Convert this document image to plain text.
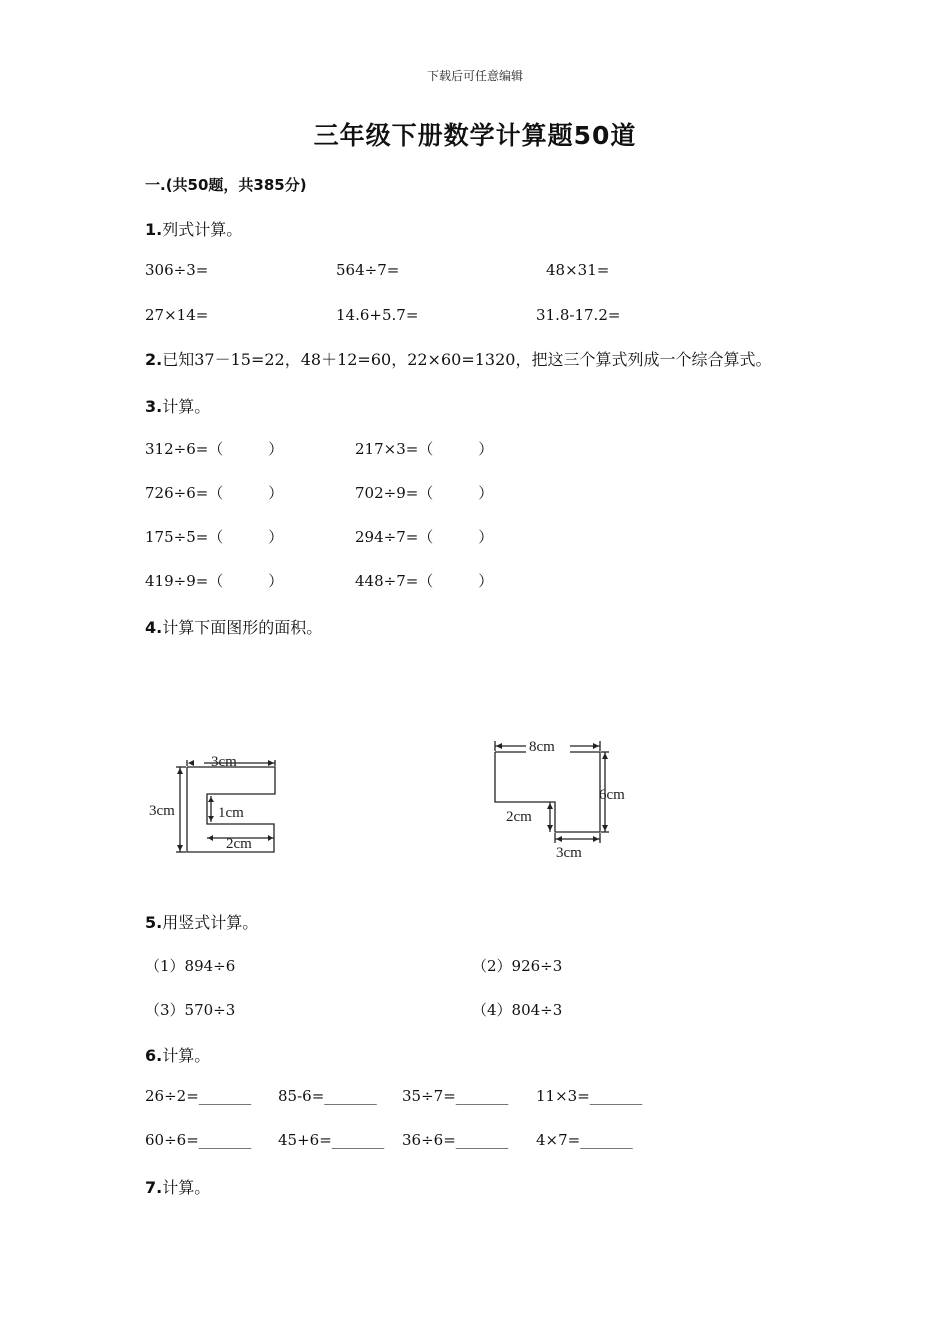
下载后可任意编辑
三年级下册数学计算题50道
一.(共50题，共385分)
1.列式计算。
306÷3=	564÷7=	48×31=
27×14=	14.6+5.7=	31.8-17.2=
2.已知37－15=22，48＋12=60，22×60=1320，把这三个算式列成一个综合算式。
3.计算。
312÷6=（　　　）	217×3=（　　　）
726÷6=（　　　）	702÷9=（　　　）
175÷5=（　　　）	294÷7=（　　　）
419÷9=（　　　）	448÷7=（　　　）
4.计算下面图形的面积。
3cm
3cm	1cm
2cm
8cm
6cm
2cm
3cm
5.用竖式计算。
（1）894÷6	（2）926÷3
（3）570÷3	（4）804÷3
6.计算。
26÷2=_______ 85-6=_______ 35÷7=_______ 11×3=_______
60÷6=_______ 45+6=_______ 36÷6=_______ 4×7=_______
7.计算。
